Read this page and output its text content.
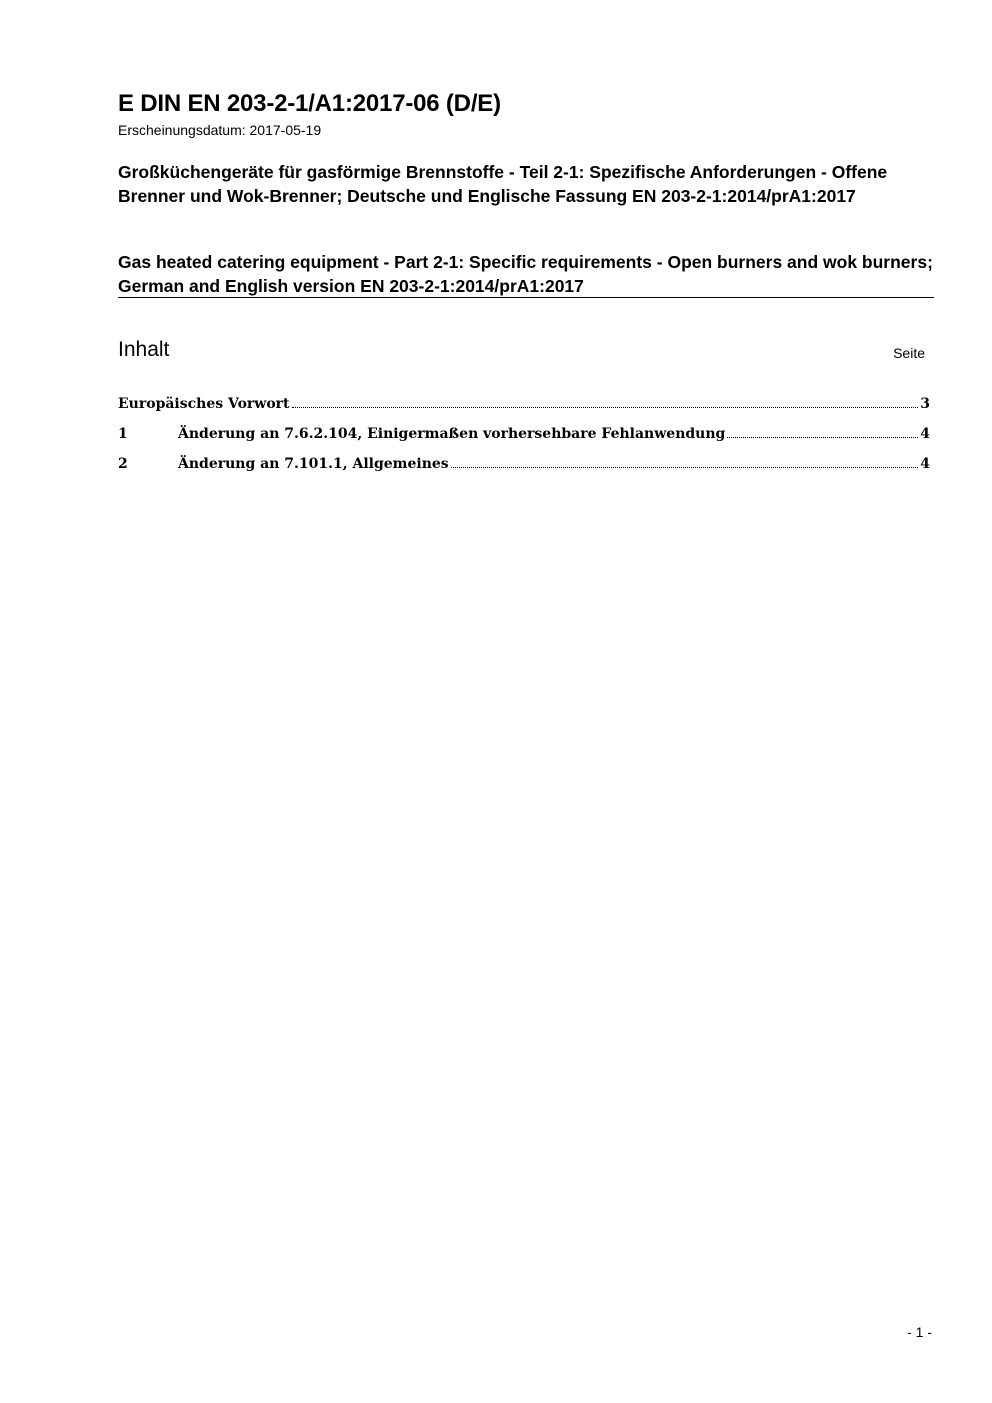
E DIN EN 203-2-1/A1:2017-06 (D/E)
Erscheinungsdatum: 2017-05-19
Großküchengeräte für gasförmige Brennstoffe - Teil 2-1: Spezifische Anforderungen - Offene Brenner und Wok-Brenner; Deutsche und Englische Fassung EN 203-2-1:2014/prA1:2017
Gas heated catering equipment - Part 2-1: Specific requirements - Open burners and wok burners; German and English version EN 203-2-1:2014/prA1:2017
Inhalt	Seite
Europäisches Vorwort	3
1	Änderung an 7.6.2.104, Einigermaßen vorhersehbare Fehlanwendung	4
2	Änderung an 7.101.1, Allgemeines	4
- 1 -
